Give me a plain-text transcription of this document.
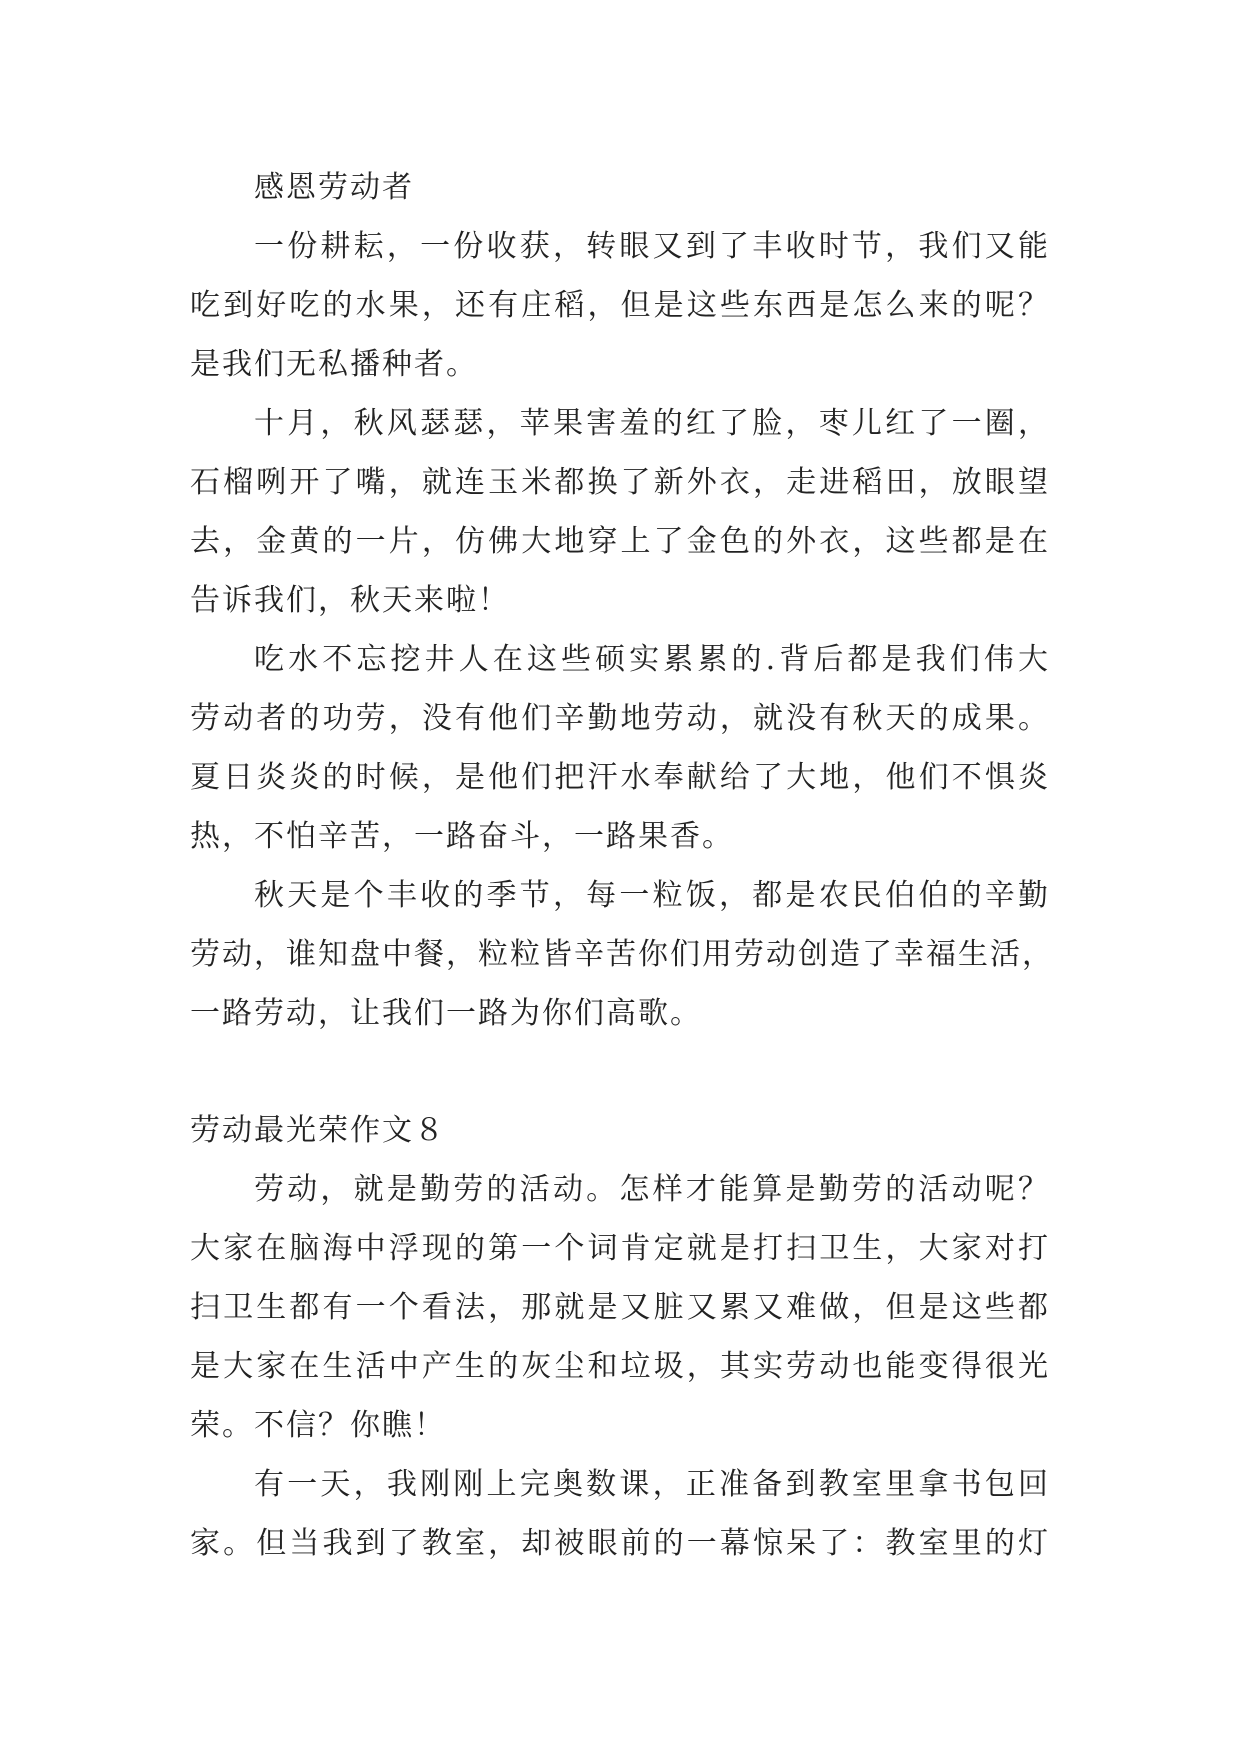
感恩劳动者

一份耕耘，一份收获，转眼又到了丰收时节，我们又能

吃到好吃的水果，还有庄稻，但是这些东西是怎么来的呢？

是我们无私播种者。

十月，秋风瑟瑟，苹果害羞的红了脸，枣儿红了一圈，

石榴咧开了嘴，就连玉米都换了新外衣，走进稻田，放眼望

去，金黄的一片，仿佛大地穿上了金色的外衣，这些都是在

告诉我们，秋天来啦！

吃水不忘挖井人在这些硕实累累的.背后都是我们伟大

劳动者的功劳，没有他们辛勤地劳动，就没有秋天的成果。

夏日炎炎的时候，是他们把汗水奉献给了大地，他们不惧炎

热，不怕辛苦，一路奋斗，一路果香。

秋天是个丰收的季节，每一粒饭，都是农民伯伯的辛勤

劳动，谁知盘中餐，粒粒皆辛苦你们用劳动创造了幸福生活，

一路劳动，让我们一路为你们高歌。

劳动最光荣作文８

劳动，就是勤劳的活动。怎样才能算是勤劳的活动呢？

大家在脑海中浮现的第一个词肯定就是打扫卫生，大家对打

扫卫生都有一个看法，那就是又脏又累又难做，但是这些都

是大家在生活中产生的灰尘和垃圾，其实劳动也能变得很光

荣。不信？你瞧！

有一天，我刚刚上完奥数课，正准备到教室里拿书包回

家。但当我到了教室，却被眼前的一幕惊呆了：教室里的灯
